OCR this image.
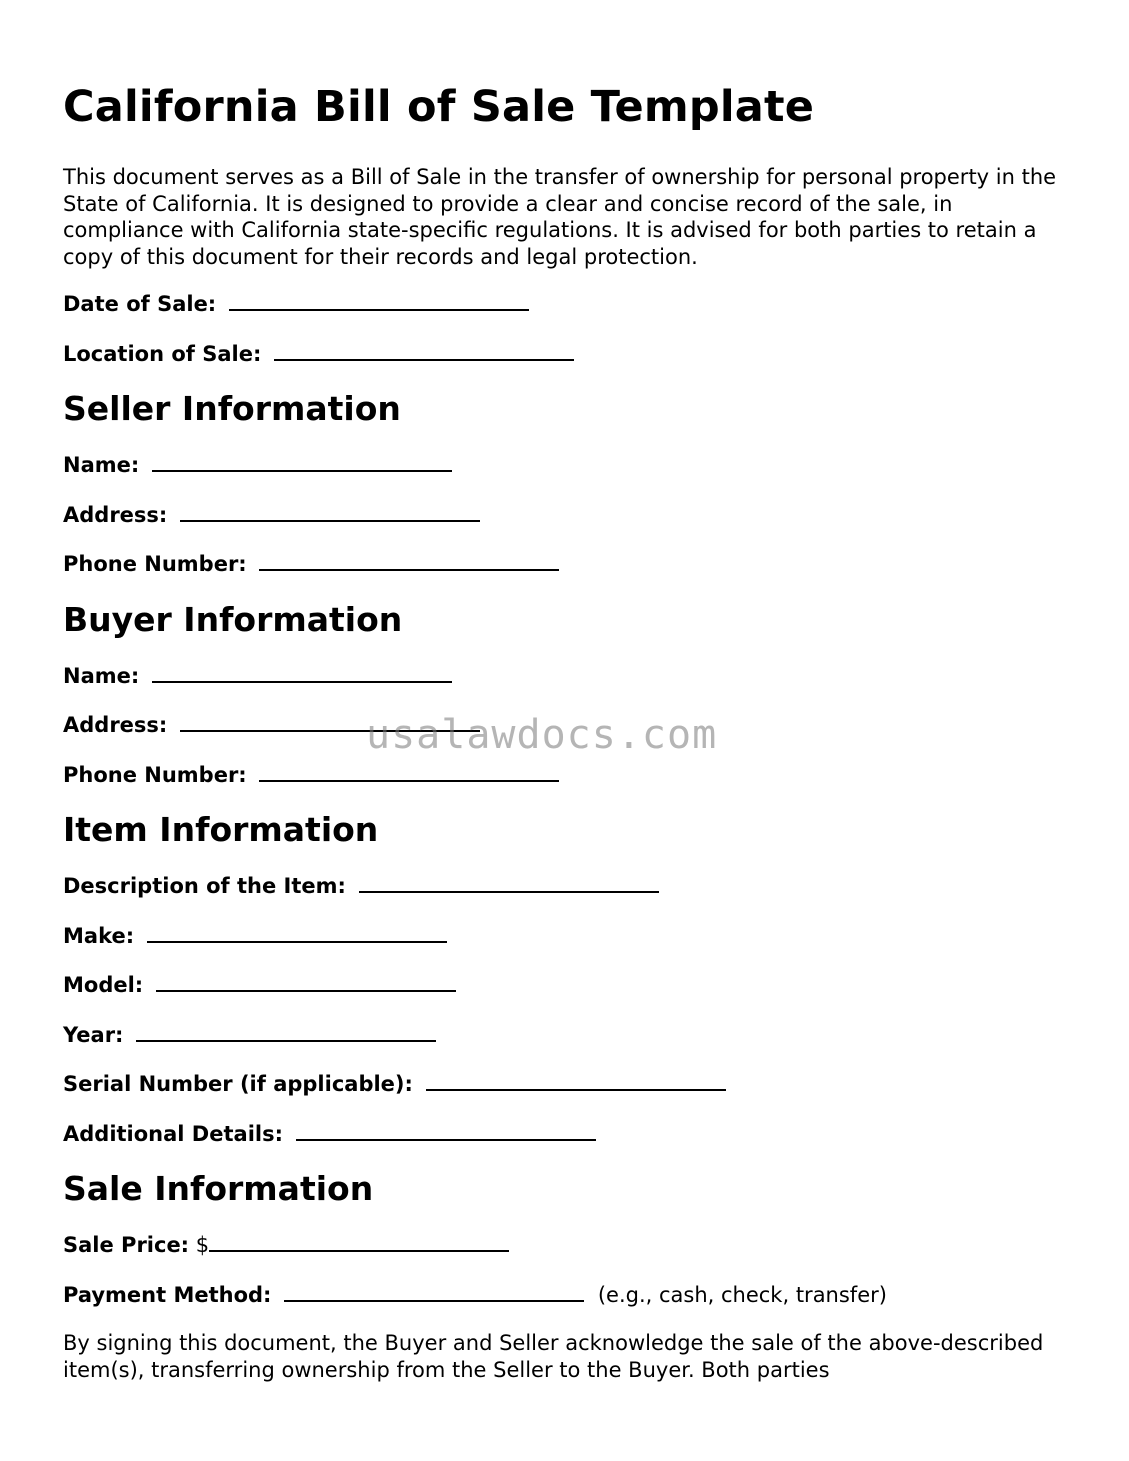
California Bill of Sale Template

This document serves as a Bill of Sale in the transfer of ownership for personal property in the State of California. It is designed to provide a clear and concise record of the sale, in compliance with California state-specific regulations. It is advised for both parties to retain a copy of this document for their records and legal protection.

Date of Sale:
Location of Sale:
Seller Information
Name:
Address:
Phone Number:
Buyer Information
Name:
Address:
Phone Number:
Item Information
Description of the Item:
Make:
Model:
Year:
Serial Number (if applicable):
Additional Details:
Sale Information
Sale Price: $
Payment Method:	(e.g., cash, check, transfer)

By signing this document, the Buyer and Seller acknowledge the sale of the above-described item(s), transferring ownership from the Seller to the Buyer. Both parties

usalawdocs.com
